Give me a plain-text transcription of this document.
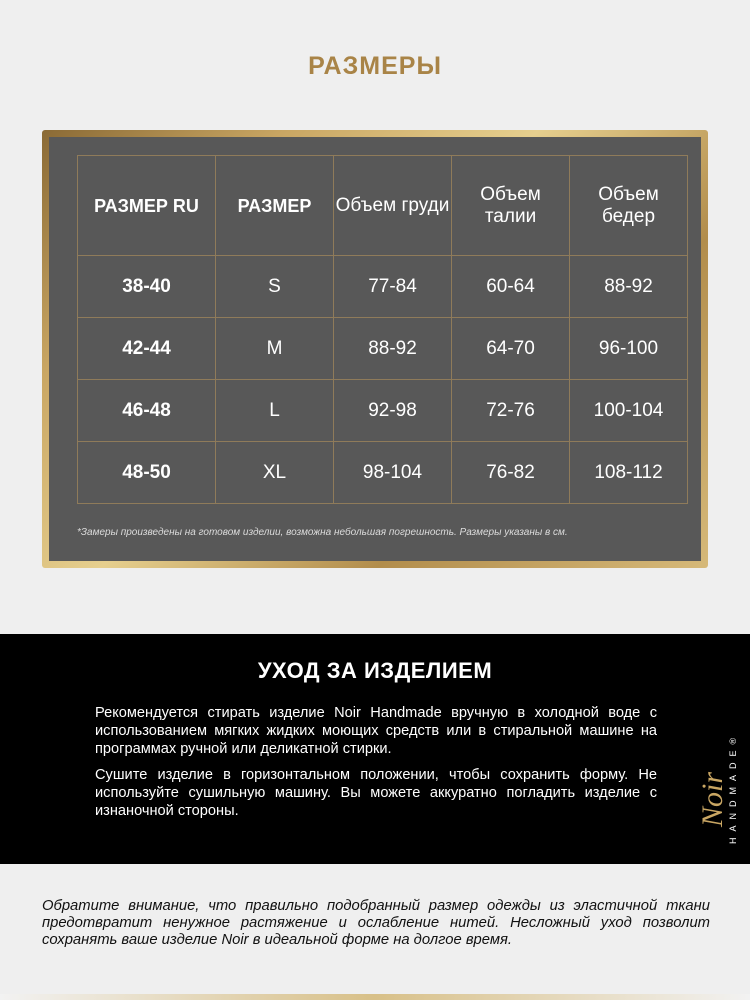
РАЗМЕРЫ
РАЗМЕР RU	РАЗМЕР	Объем груди	Объем талии	Объем бедер
38-40	S	77-84	60-64	88-92
42-44	M	88-92	64-70	96-100
46-48	L	92-98	72-76	100-104
48-50	XL	98-104	76-82	108-112
*Замеры произведены на готовом изделии, возможна небольшая погрешность. Размеры указаны в см.
УХОД ЗА ИЗДЕЛИЕМ
Рекомендуется стирать изделие Noir Handmade вручную в холодной воде с использованием мягких жидких моющих средств или в стиральной машине на программах ручной или деликатной стирки.
Сушите изделие в горизонтальном положении, чтобы сохранить форму. Не используйте сушильную машину. Вы можете аккуратно погладить изделие с изнаночной стороны.	Noir HANDMADE®
Обратите внимание, что правильно подобранный размер одежды из эластичной ткани предотвратит ненужное растяжение и ослабление нитей. Несложный уход позволит сохранять ваше изделие Noir в идеальной форме на долгое время.
